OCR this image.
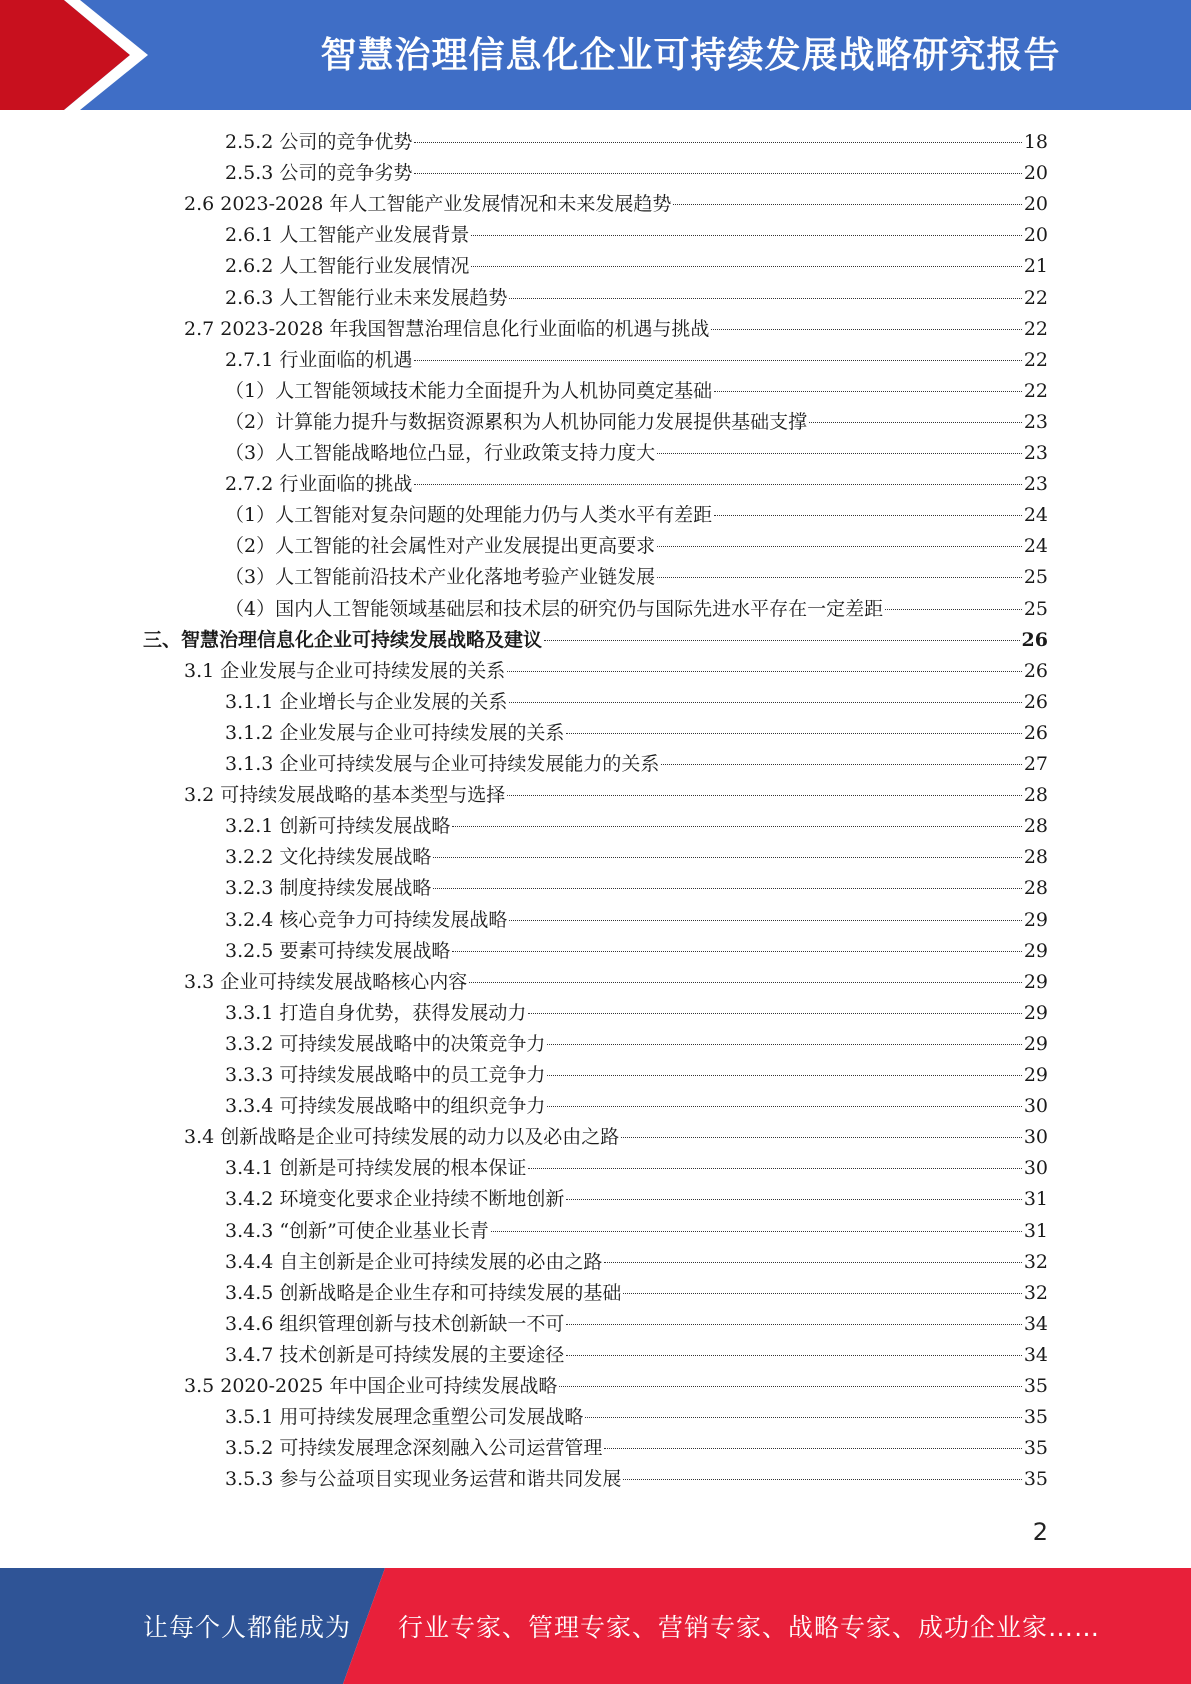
智慧治理信息化企业可持续发展战略研究报告
2.5.2 公司的竞争优势	18
2.5.3 公司的竞争劣势	20
2.6 2023-2028 年人工智能产业发展情况和未来发展趋势	20
2.6.1 人工智能产业发展背景	20
2.6.2 人工智能行业发展情况	21
2.6.3 人工智能行业未来发展趋势	22
2.7 2023-2028 年我国智慧治理信息化行业面临的机遇与挑战	22
2.7.1 行业面临的机遇	22
（1）人工智能领域技术能力全面提升为人机协同奠定基础	22
（2）计算能力提升与数据资源累积为人机协同能力发展提供基础支撑	23
（3）人工智能战略地位凸显，行业政策支持力度大	23
2.7.2 行业面临的挑战	23
（1）人工智能对复杂问题的处理能力仍与人类水平有差距	24
（2）人工智能的社会属性对产业发展提出更高要求	24
（3）人工智能前沿技术产业化落地考验产业链发展	25
（4）国内人工智能领域基础层和技术层的研究仍与国际先进水平存在一定差距	25
三、智慧治理信息化企业可持续发展战略及建议	26
3.1 企业发展与企业可持续发展的关系	26
3.1.1 企业增长与企业发展的关系	26
3.1.2 企业发展与企业可持续发展的关系	26
3.1.3 企业可持续发展与企业可持续发展能力的关系	27
3.2 可持续发展战略的基本类型与选择	28
3.2.1 创新可持续发展战略	28
3.2.2 文化持续发展战略	28
3.2.3 制度持续发展战略	28
3.2.4 核心竞争力可持续发展战略	29
3.2.5 要素可持续发展战略	29
3.3 企业可持续发展战略核心内容	29
3.3.1 打造自身优势，获得发展动力	29
3.3.2 可持续发展战略中的决策竞争力	29
3.3.3 可持续发展战略中的员工竞争力	29
3.3.4 可持续发展战略中的组织竞争力	30
3.4 创新战略是企业可持续发展的动力以及必由之路	30
3.4.1 创新是可持续发展的根本保证	30
3.4.2 环境变化要求企业持续不断地创新	31
3.4.3 “创新”可使企业基业长青	31
3.4.4 自主创新是企业可持续发展的必由之路	32
3.4.5 创新战略是企业生存和可持续发展的基础	32
3.4.6 组织管理创新与技术创新缺一不可	34
3.4.7 技术创新是可持续发展的主要途径	34
3.5 2020-2025 年中国企业可持续发展战略	35
3.5.1 用可持续发展理念重塑公司发展战略	35
3.5.2 可持续发展理念深刻融入公司运营管理	35
3.5.3 参与公益项目实现业务运营和谐共同发展	35
2
让每个人都能成为 行业专家、管理专家、营销专家、战略专家、成功企业家……
